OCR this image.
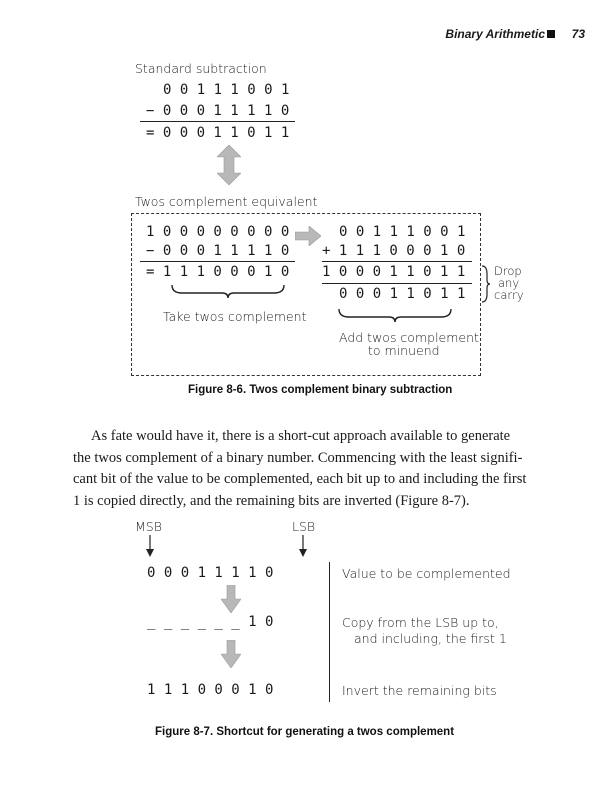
Binary Arithmetic 73
Standard subtraction
0 0 1 1 1 0 0 1
− 0 0 0 1 1 1 1 0
= 0 0 0 1 1 0 1 1
Twos complement equivalent
1 0 0 0 0 0 0 0 0
− 0 0 0 1 1 1 1 0
= 1 1 1 0 0 0 1 0
Take twos complement
0 0 1 1 1 0 0 1
+ 1 1 1 0 0 0 1 0
1 0 0 0 1 1 0 1 1
0 0 0 1 1 0 1 1
Drop
any
carry
Add twos complement
to minuend
Figure 8-6. Twos complement binary subtraction
As fate would have it, there is a short-cut approach available to generate
the twos complement of a binary number. Commencing with the least signifi-
cant bit of the value to be complemented, each bit up to and including the first
1 is copied directly, and the remaining bits are inverted (Figure 8-7).
MSB	LSB
0 0 0 1 1 1 1 0	Value to be complemented
_ _ _ _ _ _ 1 0	Copy from the LSB up to,
and including, the first 1
1 1 1 0 0 0 1 0	Invert the remaining bits
Figure 8-7. Shortcut for generating a twos complement
